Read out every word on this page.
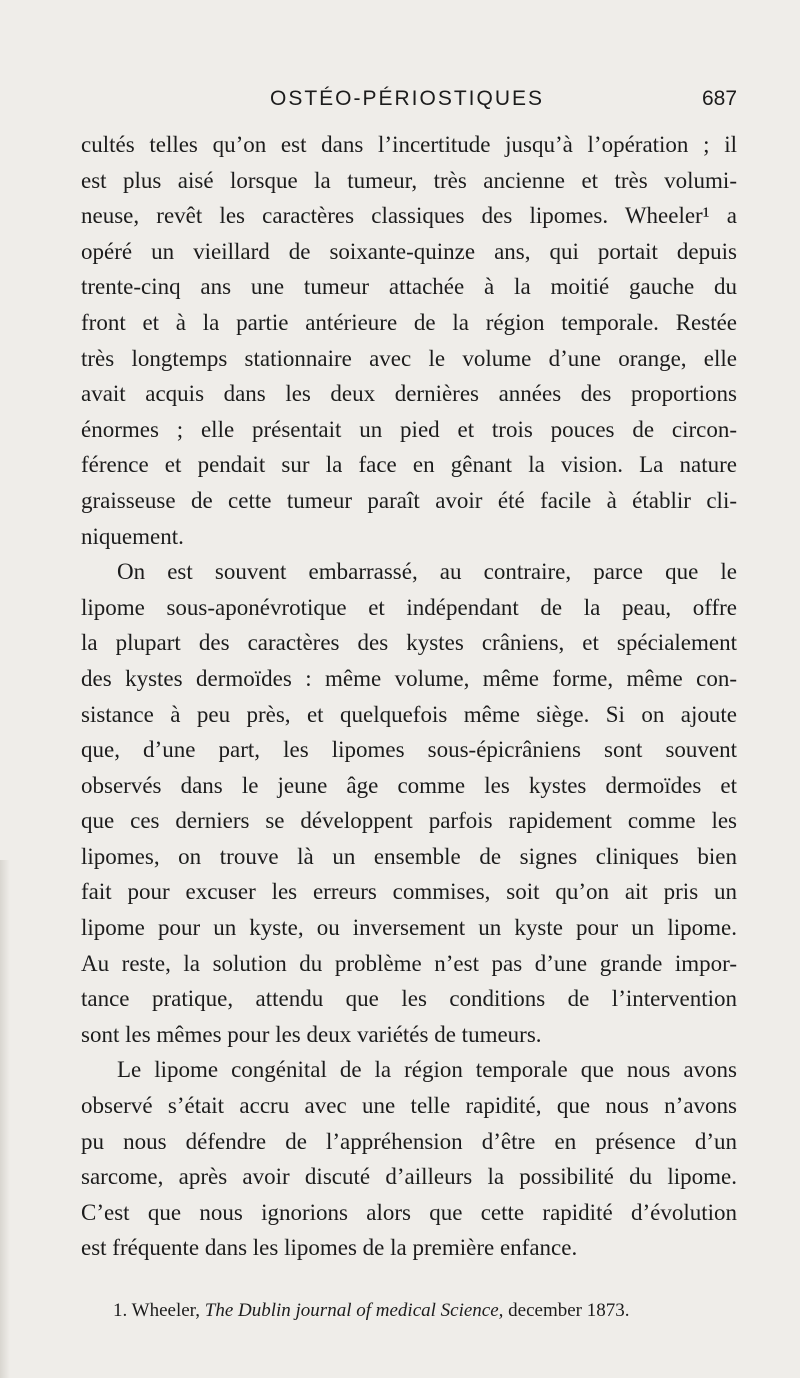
OSTÉO-PÉRIOSTIQUES	687
cultés telles qu’on est dans l’incertitude jusqu’à l’opération ; il
est plus aisé lorsque la tumeur, très ancienne et très volumi-
neuse, revêt les caractères classiques des lipomes. Wheeler¹ a
opéré un vieillard de soixante-quinze ans, qui portait depuis
trente-cinq ans une tumeur attachée à la moitié gauche du
front et à la partie antérieure de la région temporale. Restée
très longtemps stationnaire avec le volume d’une orange, elle
avait acquis dans les deux dernières années des proportions
énormes ; elle présentait un pied et trois pouces de circon-
férence et pendait sur la face en gênant la vision. La nature
graisseuse de cette tumeur paraît avoir été facile à établir cli-
niquement.
On est souvent embarrassé, au contraire, parce que le
lipome sous-aponévrotique et indépendant de la peau, offre
la plupart des caractères des kystes crâniens, et spécialement
des kystes dermoïdes : même volume, même forme, même con-
sistance à peu près, et quelquefois même siège. Si on ajoute
que, d’une part, les lipomes sous-épicrâniens sont souvent
observés dans le jeune âge comme les kystes dermoïdes et
que ces derniers se développent parfois rapidement comme les
lipomes, on trouve là un ensemble de signes cliniques bien
fait pour excuser les erreurs commises, soit qu’on ait pris un
lipome pour un kyste, ou inversement un kyste pour un lipome.
Au reste, la solution du problème n’est pas d’une grande impor-
tance pratique, attendu que les conditions de l’intervention
sont les mêmes pour les deux variétés de tumeurs.
Le lipome congénital de la région temporale que nous avons
observé s’était accru avec une telle rapidité, que nous n’avons
pu nous défendre de l’appréhension d’être en présence d’un
sarcome, après avoir discuté d’ailleurs la possibilité du lipome.
C’est que nous ignorions alors que cette rapidité d’évolution
est fréquente dans les lipomes de la première enfance.
1. Wheeler, The Dublin journal of medical Science, december 1873.
